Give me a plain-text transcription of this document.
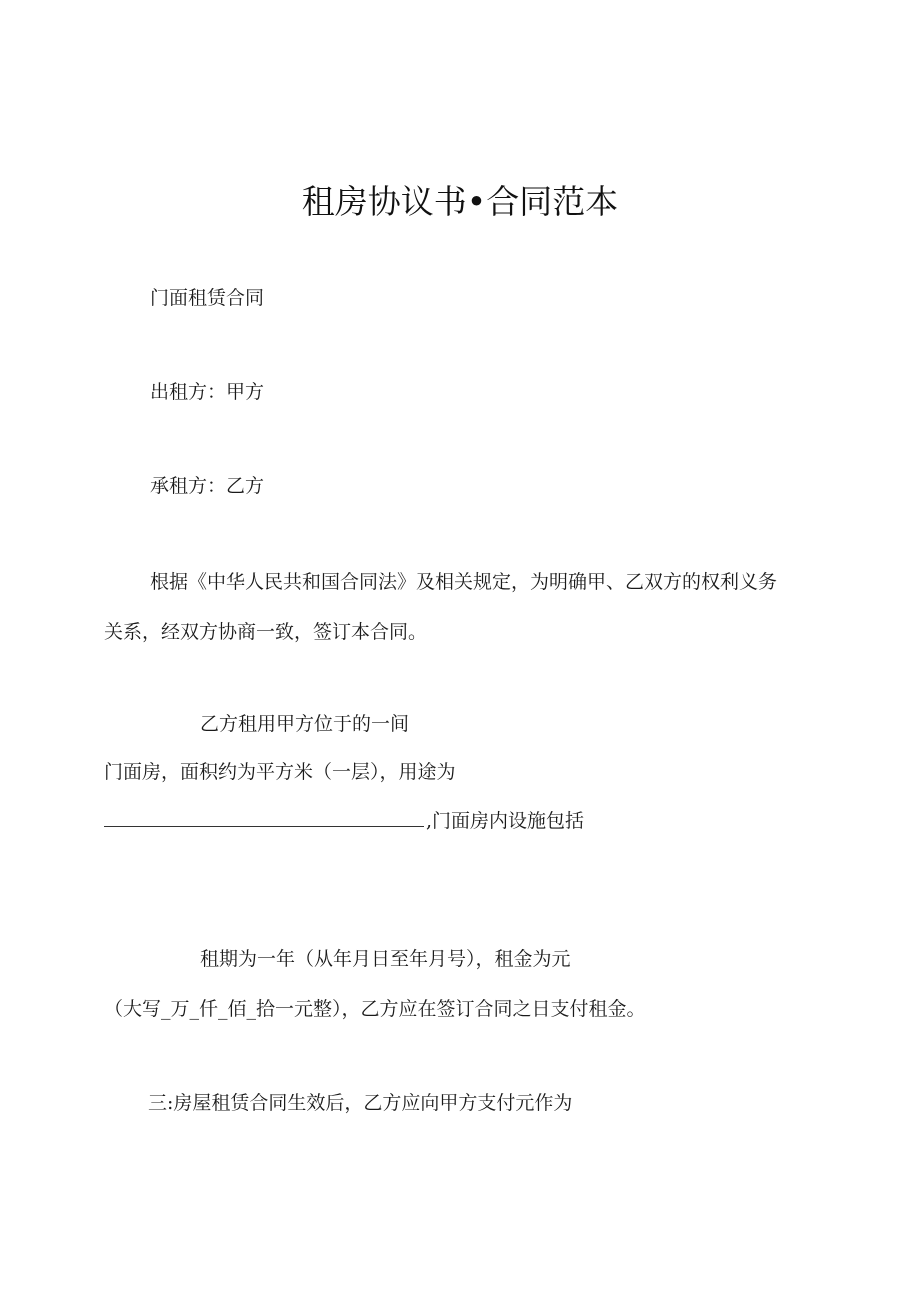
租房协议书•合同范本
门面租赁合同
出租方：甲方
承租方：乙方
根据《中华人民共和国合同法》及相关规定，为明确甲、乙双方的权利义务
关系，经双方协商一致，签订本合同。
乙方租用甲方位于的一间
门面房，面积约为平方米（一层），用途为
,门面房内设施包括
租期为一年（从年月日至年月号），租金为元
（大写_万_仟_佰_拾一元整），乙方应在签订合同之日支付租金。
三:房屋租赁合同生效后，乙方应向甲方支付元作为
